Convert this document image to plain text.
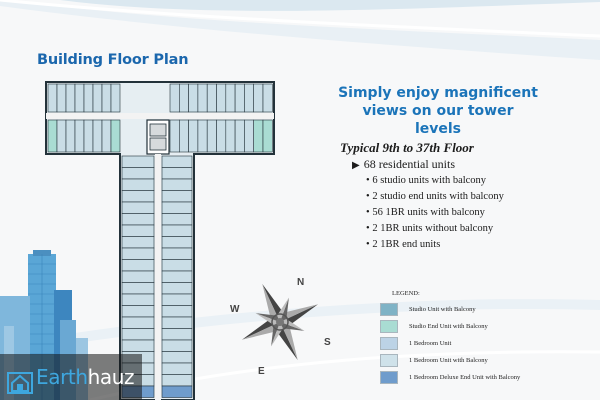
Building Floor Plan
Simply enjoy magnificent
views on our tower levels
Typical 9th to 37th Floor
▶ 68 residential units
• 6 studio units with balcony
• 2 studio end units with balcony
• 56 1BR units with balcony
• 2 1BR units without balcony
• 2 1BR end units
N
S
W
E
LEGEND:
Studio Unit with Balcony
Studio End Unit with Balcony
1 Bedroom Unit
1 Bedroom Unit with Balcony
1 Bedroom Deluxe End Unit with Balcony
Earthhauz
